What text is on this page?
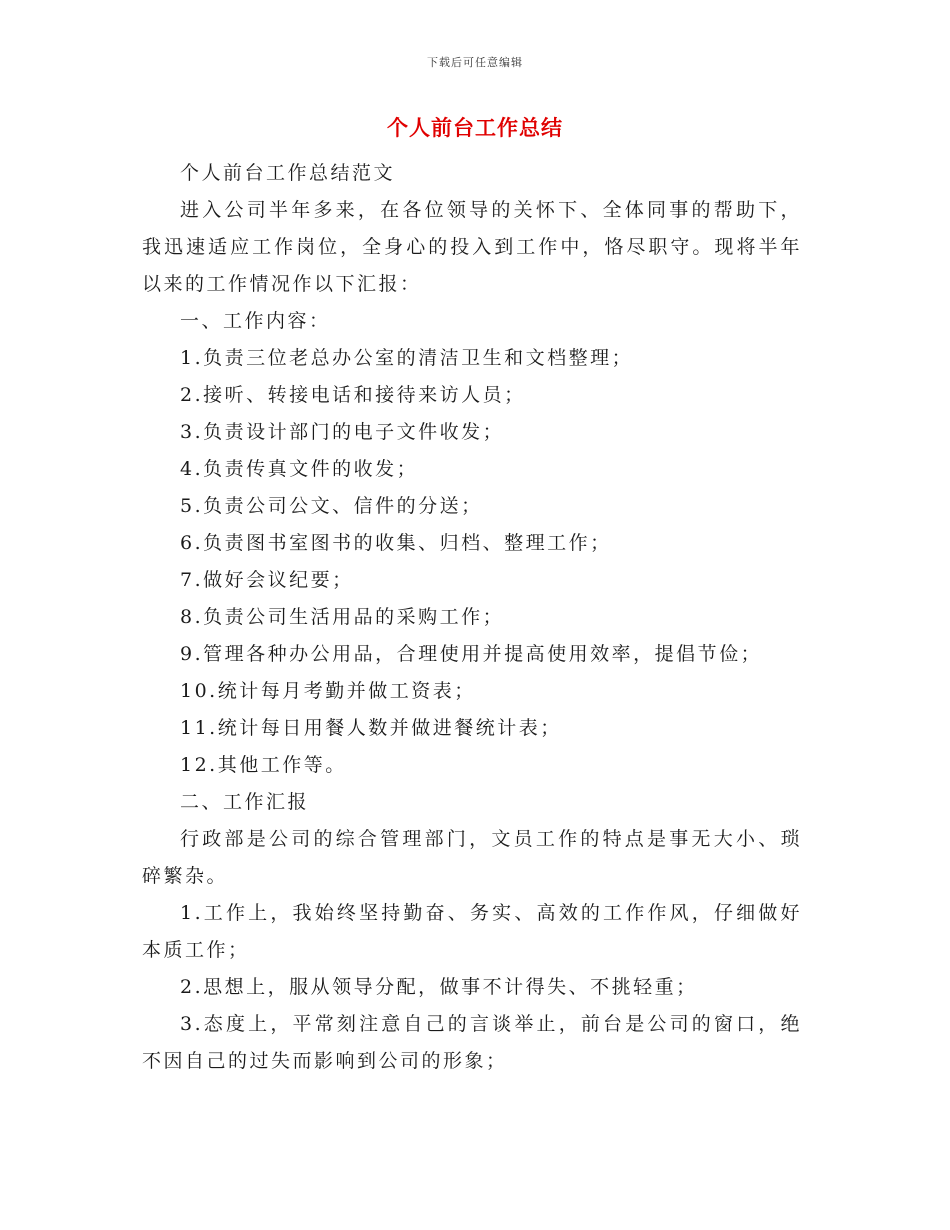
下载后可任意编辑
个人前台工作总结

个人前台工作总结范文

进入公司半年多来，在各位领导的关怀下、全体同事的帮助下，我迅速适应工作岗位，全身心的投入到工作中，恪尽职守。现将半年以来的工作情况作以下汇报：

一、工作内容：

1.负责三位老总办公室的清洁卫生和文档整理；

2.接听、转接电话和接待来访人员；

3.负责设计部门的电子文件收发；

4.负责传真文件的收发；

5.负责公司公文、信件的分送；

6.负责图书室图书的收集、归档、整理工作；

7.做好会议纪要；

8.负责公司生活用品的采购工作；

9.管理各种办公用品，合理使用并提高使用效率，提倡节俭；

10.统计每月考勤并做工资表；

11.统计每日用餐人数并做进餐统计表；

12.其他工作等。

二、工作汇报

行政部是公司的综合管理部门，文员工作的特点是事无大小、琐碎繁杂。

1.工作上，我始终坚持勤奋、务实、高效的工作作风，仔细做好本质工作；

2.思想上，服从领导分配，做事不计得失、不挑轻重；

3.态度上，平常刻注意自己的言谈举止，前台是公司的窗口，绝不因自己的过失而影响到公司的形象；
